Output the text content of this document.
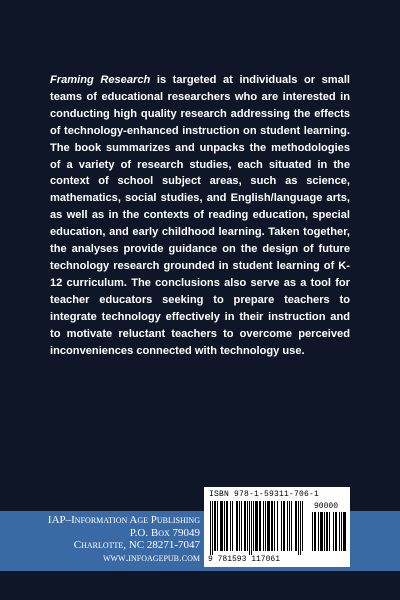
Framing Research is targeted at individuals or small teams of educational researchers who are interested in conducting high quality research addressing the effects of technology-enhanced instruction on student learning. The book summarizes and unpacks the methodologies of a variety of research studies, each situated in the context of school subject areas, such as science, mathematics, social studies, and English/language arts, as well as in the contexts of reading education, special education, and early childhood learning. Taken together, the analyses provide guidance on the design of future technology research grounded in student learning of K-12 curriculum. The conclusions also serve as a tool for teacher educators seeking to prepare teachers to integrate technology effectively in their instruction and to motivate reluctant teachers to overcome perceived inconveniences connected with technology use.

IAP–Information Age Publishing
P.O. Box 79049
Charlotte, NC 28271-7047
www.infoagepub.com
ISBN 978-1-59311-706-1
90000
9 781593 117061
